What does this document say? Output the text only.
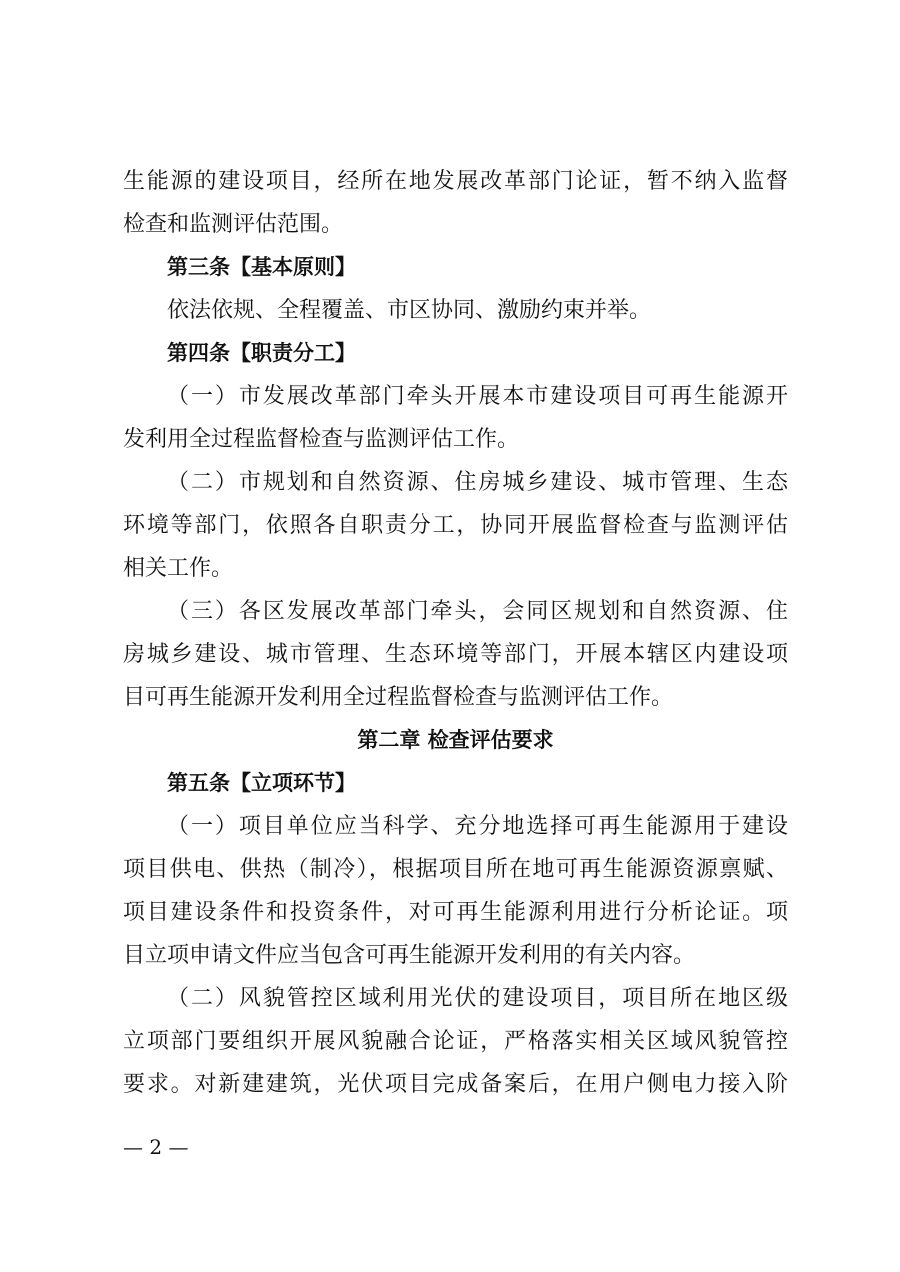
生能源的建设项目，经所在地发展改革部门论证，暂不纳入监督
检查和监测评估范围。
第三条【基本原则】
依法依规、全程覆盖、市区协同、激励约束并举。
第四条【职责分工】
（一）市发展改革部门牵头开展本市建设项目可再生能源开
发利用全过程监督检查与监测评估工作。
（二）市规划和自然资源、住房城乡建设、城市管理、生态
环境等部门，依照各自职责分工，协同开展监督检查与监测评估
相关工作。
（三）各区发展改革部门牵头，会同区规划和自然资源、住
房城乡建设、城市管理、生态环境等部门，开展本辖区内建设项
目可再生能源开发利用全过程监督检查与监测评估工作。
第二章 检查评估要求
第五条【立项环节】
（一）项目单位应当科学、充分地选择可再生能源用于建设
项目供电、供热（制冷），根据项目所在地可再生能源资源禀赋、
项目建设条件和投资条件，对可再生能源利用进行分析论证。项
目立项申请文件应当包含可再生能源开发利用的有关内容。
（二）风貌管控区域利用光伏的建设项目，项目所在地区级
立项部门要组织开展风貌融合论证，严格落实相关区域风貌管控
要求。对新建建筑，光伏项目完成备案后，在用户侧电力接入阶
— 2 —
